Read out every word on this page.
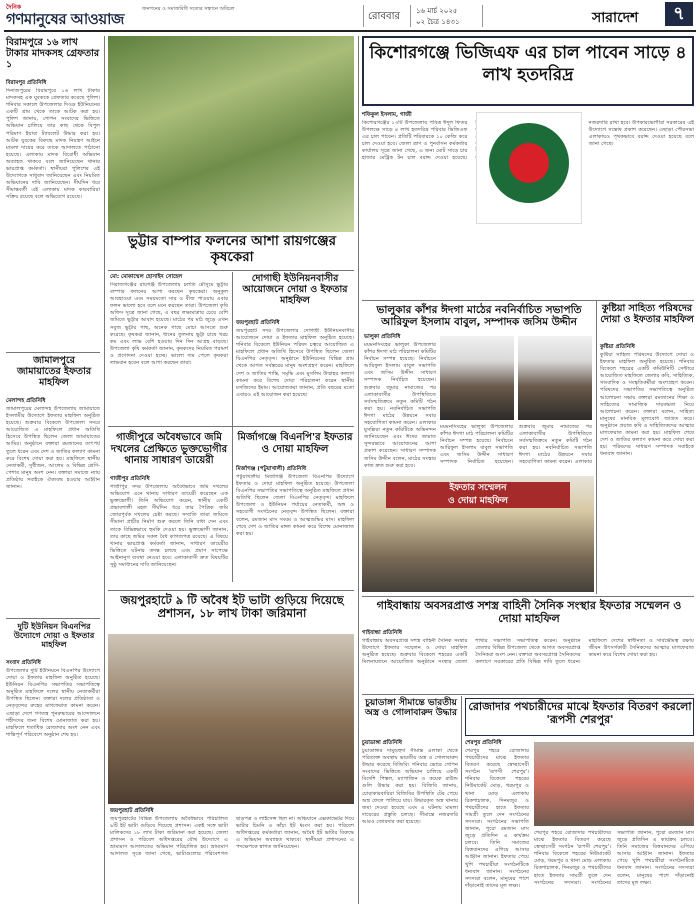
দৈনিক
গণমানুষের আওয়াজ
জনগনের ও সমাজবিধি সত্যের সন্ধানে অবিচল
রোববার ১৬ মার্চ ২০২৫
০২ চৈত্র ১৪৩১	সারাদেশ	৭
বিরামপুরে ১৬ লাখ টাকার মাদকসহ গ্রেফতার ১
বিরামপুর প্রতিনিধি
দিনাজপুরের বিরামপুরে ১৬ লাখ টাকার মাদকসহ এক যুবককে গ্রেফতার করেছে পুলিশ। শনিবার সকালে উপজেলার দিওড় ইউনিয়নের একটি গ্রাম থেকে তাকে আটক করা হয়। পুলিশ জানায়, গোপন সংবাদের ভিত্তিতে অভিযান চালিয়ে তার কাছ থেকে বিপুল পরিমাণ ইয়াবা ট্যাবলেট উদ্ধার করা হয়। আটক যুবকের বিরুদ্ধে মাদক নিয়ন্ত্রণ আইনে মামলা দায়ের করে তাকে আদালতে পাঠানো হয়েছে। এলাকায় মাদক বিরোধী অভিযান অব্যাহত থাকবে বলে জানিয়েছেন থানার ভারপ্রাপ্ত কর্মকর্তা। স্থানীয়রা পুলিশের এই উদ্যোগকে সাধুবাদ জানিয়েছেন এবং নিয়মিত অভিযানের দাবি জানিয়েছেন। দীর্ঘদিন ধরে সীমান্তবর্তী এই এলাকায় মাদক কারবারিরা সক্রিয় রয়েছে বলে অভিযোগ রয়েছে।
জামালপুরে জামায়াতের ইফতার মাহফিল
মেলান্দহ প্রতিনিধি
জামালপুরের মেলান্দহ উপজেলায় জামায়াতে ইসলামীর উদ্যোগে ইফতার মাহফিল অনুষ্ঠিত হয়েছে। শুক্রবার বিকেলে উপজেলা সদরে আয়োজিত এ মাহফিলে প্রধান অতিথি হিসেবে উপস্থিত ছিলেন জেলা জামায়াতের আমির। অনুষ্ঠানে বক্তারা রমজানের তাৎপর্য তুলে ধরেন এবং দেশ ও জাতির কল্যাণ কামনা করে বিশেষ দোয়া করা হয়। মাহফিলে স্থানীয় নেতাকর্মী, সুধীজন, আলেম ও বিভিন্ন শ্রেণি-পেশার মানুষ অংশ নেন। বক্তারা সমাজে ন্যায় প্রতিষ্ঠায় সবাইকে ঐক্যবদ্ধ হওয়ার আহ্বান জানান।
দুটি ইউনিয়ন বিএনপির উদ্যোগে দোয়া ও ইফতার মাহফিল
সংবাদ প্রতিনিধি
উপজেলার দুটি ইউনিয়নে বিএনপির উদ্যোগে দোয়া ও ইফতার মাহফিল অনুষ্ঠিত হয়েছে। ইউনিয়ন বিএনপির সভাপতির সভাপতিত্বে অনুষ্ঠিত মাহফিলে দলের স্থানীয় নেতাকর্মীরা উপস্থিত ছিলেন। বক্তারা দলের প্রতিষ্ঠাতা ও নেতৃবৃন্দের রুহের মাগফেরাত কামনা করেন। এছাড়া দেশে গণতন্ত্র পুনরুদ্ধারের আন্দোলনে শহীদদের জন্য বিশেষ মোনাজাত করা হয়। মাহফিলে শতাধিক রোজাদার অংশ নেন এবং শান্তিপূর্ণ পরিবেশে অনুষ্ঠান শেষ হয়।
ভুট্টার বাম্পার ফলনের আশা রায়গঞ্জের কৃষকেরা
মো: মোকাম্মেল হোসাইন সোহেল
সিরাজগঞ্জের রায়গঞ্জ উপজেলায় চলতি মৌসুমে ভুট্টার বাম্পার ফলনের আশা করছেন কৃষকেরা। অনুকূল আবহাওয়া এবং সময়মতো সার ও বীজ পাওয়ায় এবার ফলন ভালো হবে বলে মনে করছেন তারা। উপজেলা কৃষি অফিস সূত্রে জানা গেছে, এ বছর লক্ষ্যমাত্রার চেয়ে বেশি জমিতে ভুট্টার আবাদ হয়েছে। মাঠের পর মাঠ জুড়ে এখন সবুজ ভুট্টার গাছ, অনেক গাছে মোচা আসতে শুরু করেছে। কৃষকরা জানান, ধানের তুলনায় ভুট্টা চাষে খরচ কম এবং লাভ বেশি হওয়ায় দিন দিন আগ্রহ বাড়ছে। উপজেলা কৃষি কর্মকর্তা জানান, কৃষকদের নিয়মিত পরামর্শ ও প্রণোদনা দেওয়া হচ্ছে। ভালো দাম পেলে কৃষকরা লাভবান হবেন বলে আশা করছেন তারা।
দোগাছী ইউনিয়নবাসীর আয়োজনে দোয়া ও ইফতার মাহফিল
জয়পুরহাট প্রতিনিধি
জয়পুরহাট সদর উপজেলার দোগাছী ইউনিয়নবাসীর আয়োজনে দোয়া ও ইফতার মাহফিল অনুষ্ঠিত হয়েছে। শনিবার বিকেলে ইউনিয়ন পরিষদ চত্বরে আয়োজিত এ মাহফিলে প্রধান অতিথি হিসেবে উপস্থিত ছিলেন জেলা বিএনপির নেতৃবৃন্দ। অনুষ্ঠানে ইউনিয়নের বিভিন্ন গ্রাম থেকে আগত সর্বস্তরের মানুষ অংশগ্রহণ করেন। মাহফিলে দেশ ও জাতির শান্তি, সমৃদ্ধি এবং মুসলিম উম্মাহর কল্যাণ কামনা করে বিশেষ দোয়া পরিচালনা করেন স্থানীয় মসজিদের ইমাম। আয়োজকরা জানান, প্রতি বছরের মতো এবারও এই আয়োজন করা হয়েছে।
গাজীপুরে অবৈধভাবে জমি দখলের প্রেক্ষিতে ভুক্তভোগীর থানায় সাধারণ ডায়েরী
গাজীপুর প্রতিনিধি
গাজীপুর সদর উপজেলায় অবৈধভাবে জমি দখলের অভিযোগ এনে থানায় সাধারণ ডায়েরী করেছেন এক ভুক্তভোগী। তিনি অভিযোগ করেন, স্থানীয় একটি প্রভাবশালী মহল দীর্ঘদিন ধরে তার পৈত্রিক জমি জোরপূর্বক দখলের চেষ্টা করছে। সম্প্রতি তারা জমিতে সীমানা প্রাচীর নির্মাণ শুরু করলে তিনি বাধা দেন এবং তাকে বিভিন্নভাবে হুমকি দেওয়া হয়। ভুক্তভোগী জানান, তার কাছে জমির সকল বৈধ কাগজপত্র রয়েছে। এ বিষয়ে থানার ভারপ্রাপ্ত কর্মকর্তা জানান, সাধারণ ডায়েরীর ভিত্তিতে ঘটনার তদন্ত চলছে এবং প্রমাণ সাপেক্ষে আইনানুগ ব্যবস্থা নেওয়া হবে। এলাকাবাসী দ্রুত বিষয়টির সুষ্ঠু সমাধানের দাবি জানিয়েছেন।
মির্জাগঞ্জে বিএনপি'র ইফতার ও দোয়া মাহফিল
মির্জাগঞ্জ (পটুয়াখালী) প্রতিনিধি
পটুয়াখালীর মির্জাগঞ্জ উপজেলা বিএনপির উদ্যোগে ইফতার ও দোয়া মাহফিল অনুষ্ঠিত হয়েছে। উপজেলা বিএনপির সভাপতির সভাপতিত্বে অনুষ্ঠিত মাহফিলে প্রধান অতিথি ছিলেন জেলা বিএনপির নেতৃবৃন্দ। মাহফিলে উপজেলা ও ইউনিয়ন পর্যায়ের নেতাকর্মী, অঙ্গ ও সহযোগী সংগঠনের নেতৃবৃন্দ উপস্থিত ছিলেন। বক্তারা বলেন, রমজান মাস সংযম ও আত্মশুদ্ধির মাস। মাহফিল শেষে দেশ ও জাতির মঙ্গল কামনা করে বিশেষ মোনাজাত করা হয়।
জয়পুরহাটে ৯ টি অবৈধ ইট ভাটা গুড়িয়ে দিয়েছে প্রশাসন, ১৮ লাখ টাকা জরিমানা
জয়পুরহাট প্রতিনিধি
জয়পুরহাটের বিভিন্ন উপজেলায় অবৈধভাবে পরিচালিত ৯টি ইট ভাটা গুড়িয়ে দিয়েছে প্রশাসন। একই সঙ্গে ভাটা মালিকদের ১৮ লাখ টাকা জরিমানা করা হয়েছে। জেলা প্রশাসন ও পরিবেশ অধিদপ্তরের যৌথ উদ্যোগে এ ভ্রাম্যমাণ আদালতের অভিযান পরিচালিত হয়। ভ্রাম্যমাণ আদালত সূত্রে জানা গেছে, ভাটাগুলোর পরিবেশগত ছাড়পত্র ও লাইসেন্স ছিল না। অভিযানে এক্সকাভেটর দিয়ে ভাটার চিমনি ও কাঁচা ইট ধ্বংস করা হয়। পরিবেশ অধিদপ্তরের কর্মকর্তারা জানান, অবৈধ ইট ভাটার বিরুদ্ধে এ অভিযান অব্যাহত থাকবে। স্থানীয়রা প্রশাসনের এ পদক্ষেপকে স্বাগত জানিয়েছেন।
কিশোরগঞ্জে ভিজিএফ এর চাল পাবেন সাড়ে ৪ লাখ হতদরিদ্র
শফিকুল ইসলাম, গাজী
কিশোরগঞ্জের ১৩টি উপজেলায় পবিত্র ঈদুল ফিতর উপলক্ষে সাড়ে ৪ লাখ হতদরিদ্র পরিবার ভিজিএফ এর চাল পাবেন। প্রতিটি পরিবারকে ১০ কেজি করে চাল দেওয়া হবে। জেলা ত্রাণ ও পুনর্বাসন কর্মকর্তার কার্যালয় সূত্রে জানা গেছে, এ জন্য মোট সাড়ে চার হাজার মেট্রিক টন চাল বরাদ্দ দেওয়া হয়েছে। নজরদারি রাখা হবে। উপকারভোগীরা সরকারের এই উদ্যোগে সন্তোষ প্রকাশ করেছেন। এছাড়া পৌরসভা এলাকায়ও পৃথকভাবে বরাদ্দ দেওয়া হয়েছে বলে জানা গেছে।
ভালুকার কাঁশর ঈদগা মাঠের নবনির্বাচিত সভাপতি আরিফুল ইসলাম বাবুল, সম্পাদক জসিম উদ্দীন
ভালুকা প্রতিনিধি
ময়মনসিংহের ভালুকা উপজেলার কাঁশর ঈদগা মাঠ পরিচালনা কমিটির নির্বাচন সম্পন্ন হয়েছে। নির্বাচনে আরিফুল ইসলাম বাবুল সভাপতি এবং জসিম উদ্দীন সাধারণ সম্পাদক নির্বাচিত হয়েছেন। শুক্রবার জুমার নামাজের পর এলাকাবাসীর উপস্থিতিতে সর্বসম্মতিক্রমে নতুন কমিটি গঠন করা হয়। নবনির্বাচিত সভাপতি ঈদগা মাঠের উন্নয়নে সবার সহযোগিতা কামনা করেন। এলাকার মুসল্লিরা নতুন কমিটিকে অভিনন্দন জানিয়েছেন এবং ঈদের জামাত সুন্দরভাবে আয়োজনের আশা প্রকাশ করেছেন। সাধারণ সম্পাদক জসিম উদ্দীন বলেন, মাঠের সংস্কার কাজ দ্রুত শুরু করা হবে।
ময়মনসিংহের ভালুকা উপজেলার কাঁশর ঈদগা মাঠ পরিচালনা কমিটির নির্বাচন সম্পন্ন হয়েছে। নির্বাচনে আরিফুল ইসলাম বাবুল সভাপতি এবং জসিম উদ্দীন সাধারণ সম্পাদক নির্বাচিত হয়েছেন। শুক্রবার জুমার নামাজের পর এলাকাবাসীর উপস্থিতিতে সর্বসম্মতিক্রমে নতুন কমিটি গঠন করা হয়। নবনির্বাচিত সভাপতি ঈদগা মাঠের উন্নয়নে সবার সহযোগিতা কামনা করেন। এলাকার
কুষ্টিয়া সাহিত্য পরিষদের দোয়া ও ইফতার মাহফিল
কুষ্টিয়া প্রতিনিধি
কুষ্টিয়া সাহিত্য পরিষদের উদ্যোগে দোয়া ও ইফতার মাহফিল অনুষ্ঠিত হয়েছে। শনিবার বিকেলে শহরের একটি কমিউনিটি সেন্টারে আয়োজিত মাহফিলে জেলার কবি, সাহিত্যিক, সাংবাদিক ও সংস্কৃতিকর্মীরা অংশগ্রহণ করেন। পরিষদের সভাপতির সভাপতিত্বে অনুষ্ঠিত আলোচনা সভায় বক্তারা রমজানের শিক্ষা ও সাহিত্যের সামাজিক দায়বদ্ধতা নিয়ে আলোচনা করেন। বক্তারা বলেন, সাহিত্য মানুষের মানবিক মূল্যবোধ জাগ্রত করে। অনুষ্ঠানে প্রয়াত কবি ও সাহিত্যিকদের আত্মার মাগফেরাত কামনা করা হয়। মাহফিল শেষে দেশ ও জাতির কল্যাণ কামনা করে দোয়া করা হয়। পরিষদের সাধারণ সম্পাদক সবাইকে ধন্যবাদ জানান।
ইফতার সম্মেলন
ও দোয়া মাহফিল
গাইবান্ধায় অবসরপ্রাপ্ত সশস্ত্র বাহিনী সৈনিক সংস্থার ইফতার সম্মেলন ও দোয়া মাহফিল
গাইবান্ধা প্রতিনিধি
গাইবান্ধায় অবসরপ্রাপ্ত সশস্ত্র বাহিনী সৈনিক সংস্থার উদ্যোগে ইফতার সম্মেলন ও দোয়া মাহফিল অনুষ্ঠিত হয়েছে। শুক্রবার বিকেলে শহরের একটি মিলনায়তনে আয়োজিত অনুষ্ঠানে সংস্থার জেলা শাখার সভাপতি সভাপতিত্ব করেন। অনুষ্ঠানে জেলার বিভিন্ন উপজেলা থেকে আগত অবসরপ্রাপ্ত সৈনিকরা অংশ নেন। বক্তারা অবসরপ্রাপ্ত সৈনিকদের কল্যাণে সরকারের প্রতি বিভিন্ন দাবি তুলে ধরেন। মাহফিলে দেশের স্বাধীনতা ও সার্বভৌমত্ব রক্ষায় জীবন উৎসর্গকারী সৈনিকদের আত্মার মাগফেরাত কামনা করে বিশেষ দোয়া করা হয়।
চুয়াডাঙ্গা সীমান্তে ভারতীয় অস্ত্র ও গোলাবারুদ উদ্ধার
চুয়াডাঙ্গা প্রতিনিধি
চুয়াডাঙ্গার দামুড়হুদা সীমান্ত এলাকা থেকে পরিত্যক্ত অবস্থায় ভারতীয় অস্ত্র ও গোলাবারুদ উদ্ধার করেছে বিজিবি। শনিবার ভোরে গোপন সংবাদের ভিত্তিতে অভিযান চালিয়ে একটি বিদেশি পিস্তল, ম্যাগাজিন ও কয়েক রাউন্ড গুলি উদ্ধার করা হয়। বিজিবি জানায়, চোরাকারবারিরা বিজিবির উপস্থিতি টের পেয়ে অস্ত্র ফেলে পালিয়ে যায়। উদ্ধারকৃত অস্ত্র থানায় জমা দেওয়া হয়েছে এবং এ ঘটনায় মামলা দায়েরের প্রস্তুতি চলছে। সীমান্তে নজরদারি আরও জোরদার করা হয়েছে।
রোজাদার পথচারীদের মাঝে ইফতার বিতরণ করলো 'রূপসী শেরপুর'
শেরপুর প্রতিনিধি
শেরপুর শহরে রোজাদার পথচারীদের মাঝে ইফতার বিতরণ করেছে স্বেচ্ছাসেবী সংগঠন 'রূপসী শেরপুর'। শনিবার বিকেলে শহরের নিউমার্কেট মোড়, খরমপুর ও থানা মোড় এলাকায় রিকশাচালক, দিনমজুর ও পথচারীদের হাতে ইফতার সামগ্রী তুলে দেন সংগঠনের সদস্যরা। সংগঠনের সভাপতি জানান, পুরো রমজান মাস জুড়ে প্রতিদিন এ কার্যক্রম চলবে। তিনি সমাজের বিত্তবানদের এগিয়ে আসার আহ্বান জানান। ইফতার পেয়ে খুশি পথচারীরা সংগঠনটিকে ধন্যবাদ জানান। সংগঠনের সদস্যরা বলেন, মানুষের পাশে দাঁড়ানোই তাদের মূল লক্ষ্য।
শেরপুর শহরে রোজাদার পথচারীদের মাঝে ইফতার বিতরণ করেছে স্বেচ্ছাসেবী সংগঠন 'রূপসী শেরপুর'। শনিবার বিকেলে শহরের নিউমার্কেট মোড়, খরমপুর ও থানা মোড় এলাকায় রিকশাচালক, দিনমজুর ও পথচারীদের হাতে ইফতার সামগ্রী তুলে দেন সংগঠনের সদস্যরা। সংগঠনের সভাপতি জানান, পুরো রমজান মাস জুড়ে প্রতিদিন এ কার্যক্রম চলবে। তিনি সমাজের বিত্তবানদের এগিয়ে আসার আহ্বান জানান। ইফতার পেয়ে খুশি পথচারীরা সংগঠনটিকে ধন্যবাদ জানান। সংগঠনের সদস্যরা বলেন, মানুষের পাশে দাঁড়ানোই তাদের মূল লক্ষ্য।
